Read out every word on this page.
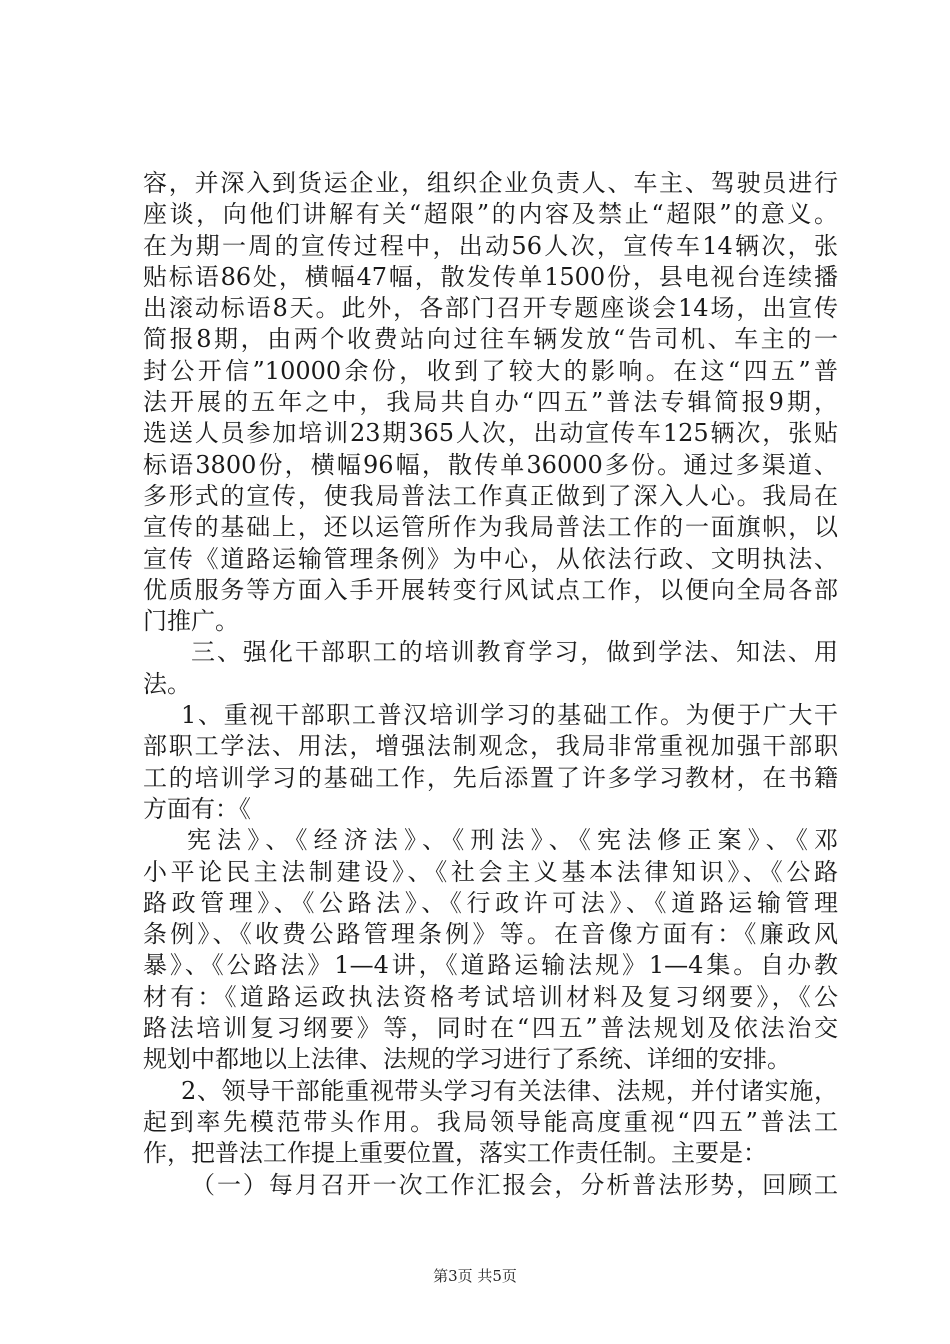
容，并深入到货运企业，组织企业负责人、车主、驾驶员进行
座谈，向他们讲解有关“超限”的内容及禁止“超限”的意义。
在为期一周的宣传过程中，出动56人次，宣传车14辆次，张
贴标语86处，横幅47幅，散发传单1500份，县电视台连续播
出滚动标语8天。此外，各部门召开专题座谈会14场，出宣传
简报8期，由两个收费站向过往车辆发放“告司机、车主的一
封公开信”10000余份，收到了较大的影响。在这“四五”普
法开展的五年之中，我局共自办“四五”普法专辑简报9期，
选送人员参加培训23期365人次，出动宣传车125辆次，张贴
标语3800份，横幅96幅，散传单36000多份。通过多渠道、
多形式的宣传，使我局普法工作真正做到了深入人心。我局在
宣传的基础上，还以运管所作为我局普法工作的一面旗帜，以
宣传《道路运输管理条例》为中心，从依法行政、文明执法、
优质服务等方面入手开展转变行风试点工作，以便向全局各部
门推广。
三、强化干部职工的培训教育学习，做到学法、知法、用
法。
1、重视干部职工普汉培训学习的基础工作。为便于广大干
部职工学法、用法，增强法制观念，我局非常重视加强干部职
工的培训学习的基础工作，先后添置了许多学习教材，在书籍
方面有：《
宪法》、《经济法》、《刑法》、《宪法修正案》、《邓
小平论民主法制建设》、《社会主义基本法律知识》、《公路
路政管理》、《公路法》、《行政许可法》、《道路运输管理
条例》、《收费公路管理条例》等。在音像方面有：《廉政风
暴》、《公路法》1—4讲，《道路运输法规》1—4集。自办教
材有：《道路运政执法资格考试培训材料及复习纲要》，《公
路法培训复习纲要》等，同时在“四五”普法规划及依法治交
规划中都地以上法律、法规的学习进行了系统、详细的安排。
2、领导干部能重视带头学习有关法律、法规，并付诸实施，
起到率先模范带头作用。我局领导能高度重视“四五”普法工
作，把普法工作提上重要位置，落实工作责任制。主要是：
（一）每月召开一次工作汇报会，分析普法形势，回顾工
第3页 共5页
